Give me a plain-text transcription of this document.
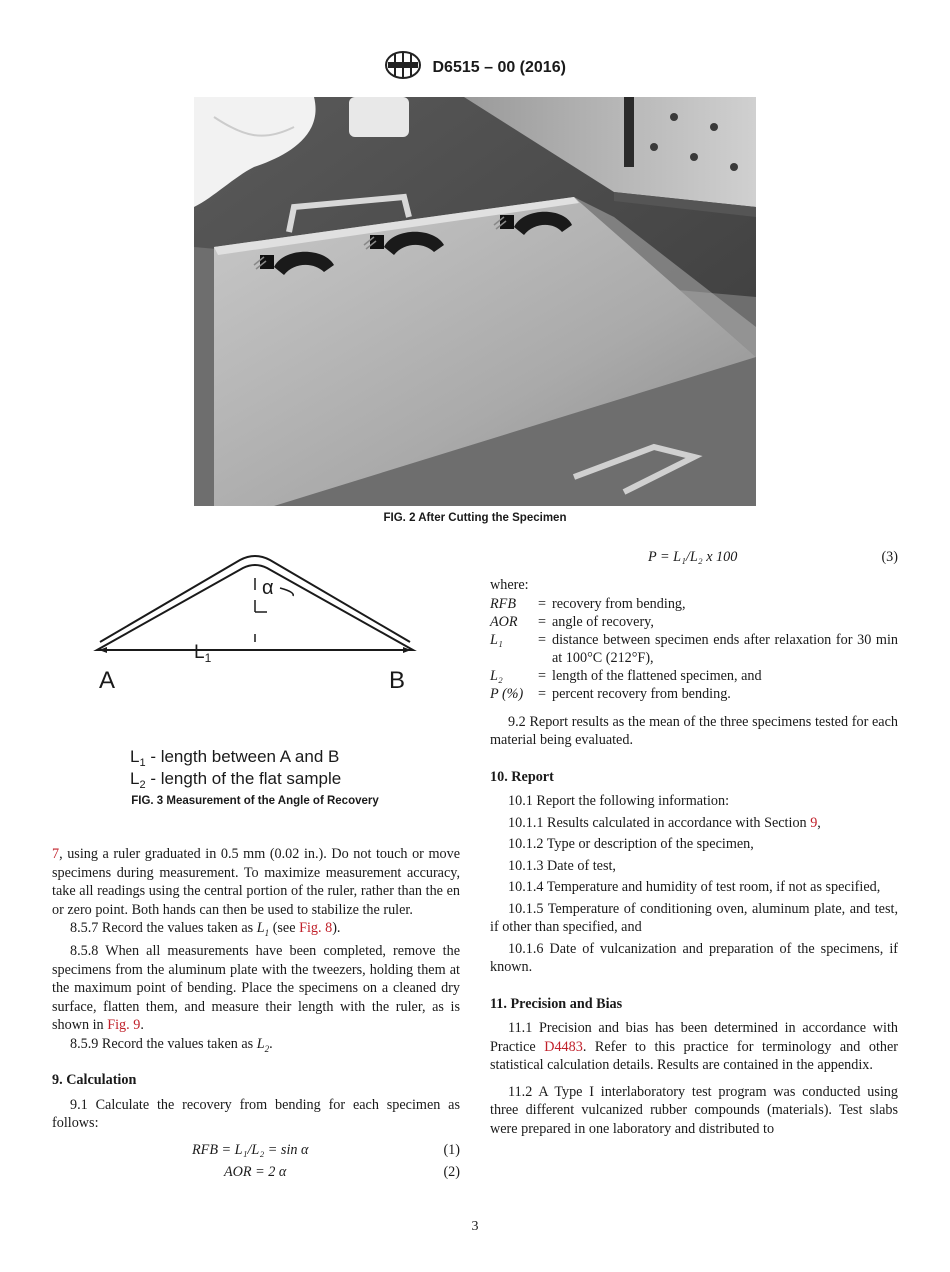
D6515 – 00 (2016)
FIG. 2 After Cutting the Specimen
α
$L_1$
A	B
$L_1$ - length between A and B
$L_2$ - length of the flat sample
FIG. 3 Measurement of the Angle of Recovery

7, using a ruler graduated in 0.5 mm (0.02 in.). Do not touch or move specimens during measurement. To maximize measurement accuracy, take all readings using the central portion of the ruler, rather than the en or zero point. Both hands can then be used to stabilize the ruler.

8.5.7 Record the values taken as $L_1$ (see Fig. 8).

8.5.8 When all measurements have been completed, remove the specimens from the aluminum plate with the tweezers, holding them at the maximum point of bending. Place the specimens on a cleaned dry surface, flatten them, and measure their length with the ruler, as is shown in Fig. 9.

8.5.9 Record the values taken as $L_2$.

9. Calculation

9.1 Calculate the recovery from bending for each specimen as follows:

RFB = L₁/L₂ = sin α	(1)
AOR = 2 α	(2)
P = L₁/L₂ x 100	(3)

where:

RFB	=	recovery from bending,
AOR	=	angle of recovery,
L₁	=	distance between specimen ends after relaxation for 30 min at 100°C (212°F),
L₂	=	length of the flattened specimen, and
P (%)	=	percent recovery from bending.

9.2 Report results as the mean of the three specimens tested for each material being evaluated.

10. Report

10.1 Report the following information:

10.1.1 Results calculated in accordance with Section 9,

10.1.2 Type or description of the specimen,

10.1.3 Date of test,

10.1.4 Temperature and humidity of test room, if not as specified,

10.1.5 Temperature of conditioning oven, aluminum plate, and test, if other than specified, and

10.1.6 Date of vulcanization and preparation of the specimens, if known.

11. Precision and Bias

11.1 Precision and bias has been determined in accordance with Practice D4483. Refer to this practice for terminology and other statistical calculation details. Results are contained in the appendix.

11.2 A Type I interlaboratory test program was conducted using three different vulcanized rubber compounds (materials). Test slabs were prepared in one laboratory and distributed to

3
